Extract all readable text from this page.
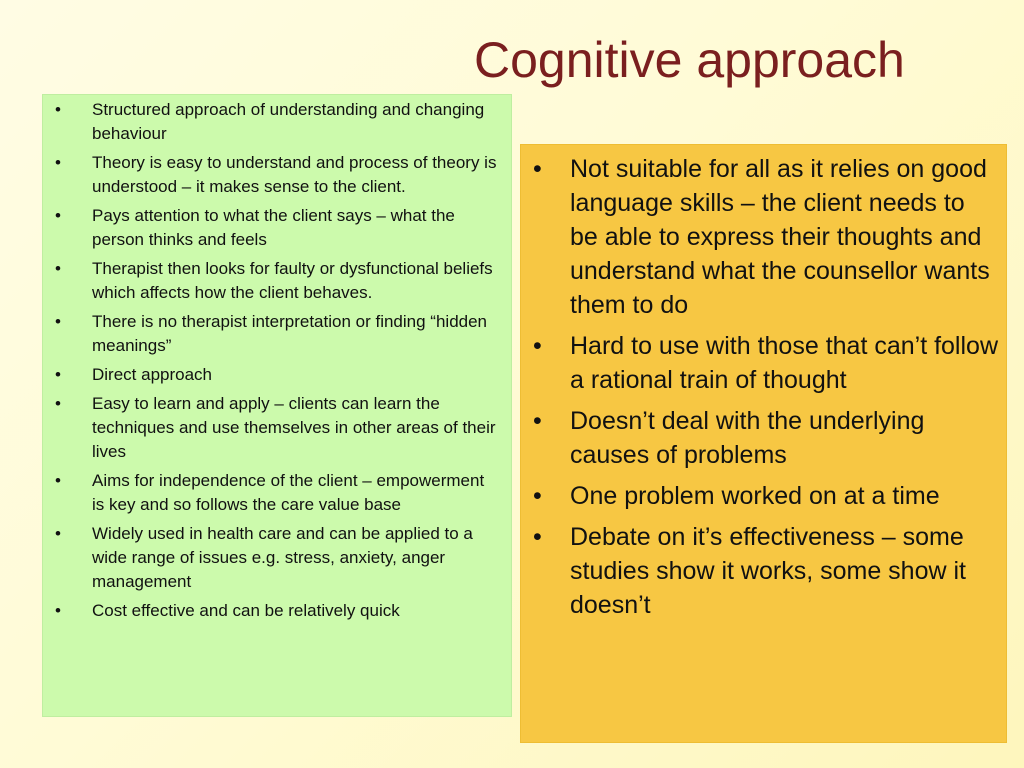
Cognitive approach
• Structured approach of understanding and changing behaviour
• Theory is easy to understand and process of theory is understood – it makes sense to the client.
• Pays attention to what the client says – what the person thinks and feels
• Therapist then looks for faulty or dysfunctional beliefs which affects how the client behaves.
• There is no therapist interpretation or finding “hidden meanings”
• Direct approach
• Easy to learn and apply – clients can learn the techniques and use themselves in other areas of their lives
• Aims for independence of the client – empowerment is key and so follows the care value base
• Widely used in health care and can be applied to a wide range of issues e.g. stress, anxiety, anger management
• Cost effective and can be relatively quick
• Not suitable for all as it relies on good language skills – the client needs to be able to express their thoughts and understand what the counsellor wants them to do
• Hard to use with those that can’t follow a rational train of thought
• Doesn’t deal with the underlying causes of problems
• One problem worked on at a time
• Debate on it’s effectiveness – some studies show it works, some show it doesn’t
